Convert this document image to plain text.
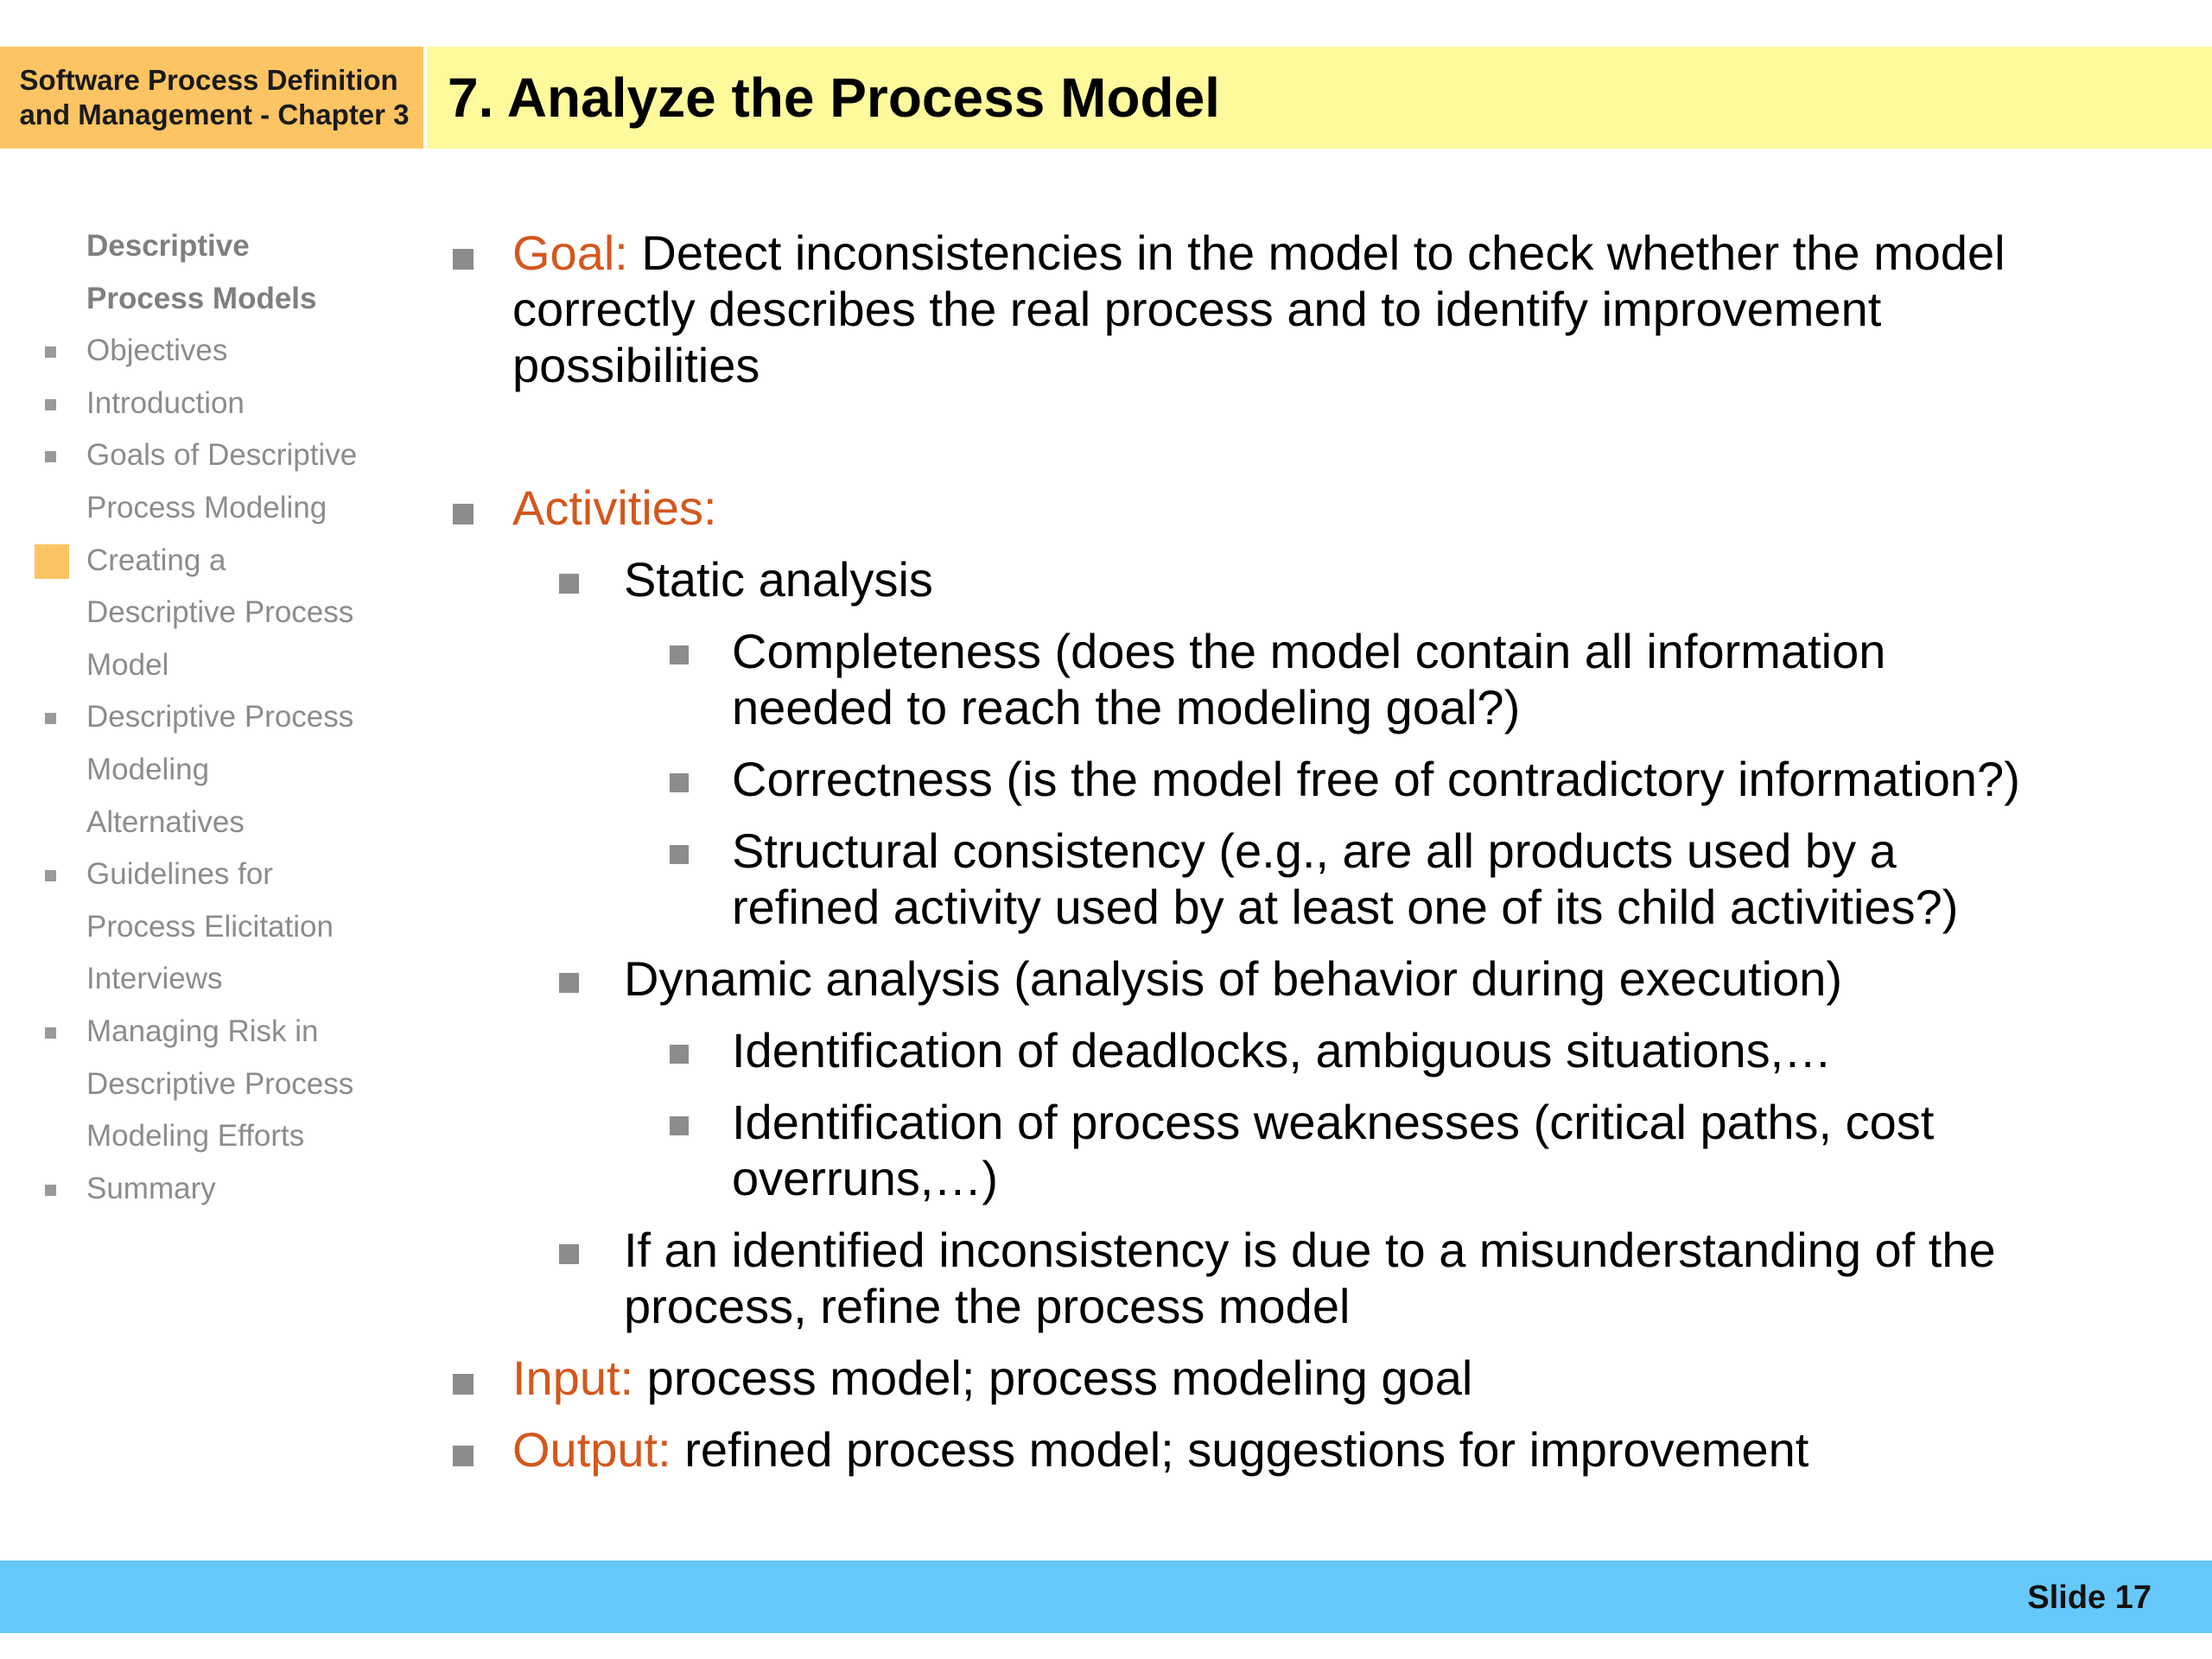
Software Process Definition
and Management - Chapter 3 7. Analyze the Process Model
Descriptive
Process Models
Objectives
Introduction
Goals of Descriptive
Process Modeling
Creating a
Descriptive Process
Model
Descriptive Process
Modeling
Alternatives
Guidelines for
Process Elicitation
Interviews
Managing Risk in
Descriptive Process
Modeling Efforts
Summary
Goal: Detect inconsistencies in the model to check whether the model
correctly describes the real process and to identify improvement
possibilities
Activities:
Static analysis
Completeness (does the model contain all information
needed to reach the modeling goal?)
Correctness (is the model free of contradictory information?)
Structural consistency (e.g., are all products used by a
refined activity used by at least one of its child activities?)
Dynamic analysis (analysis of behavior during execution)
Identification of deadlocks, ambiguous situations,…
Identification of process weaknesses (critical paths, cost
overruns,…)
If an identified inconsistency is due to a misunderstanding of the
process, refine the process model
Input: process model; process modeling goal
Output: refined process model; suggestions for improvement
Slide 17
